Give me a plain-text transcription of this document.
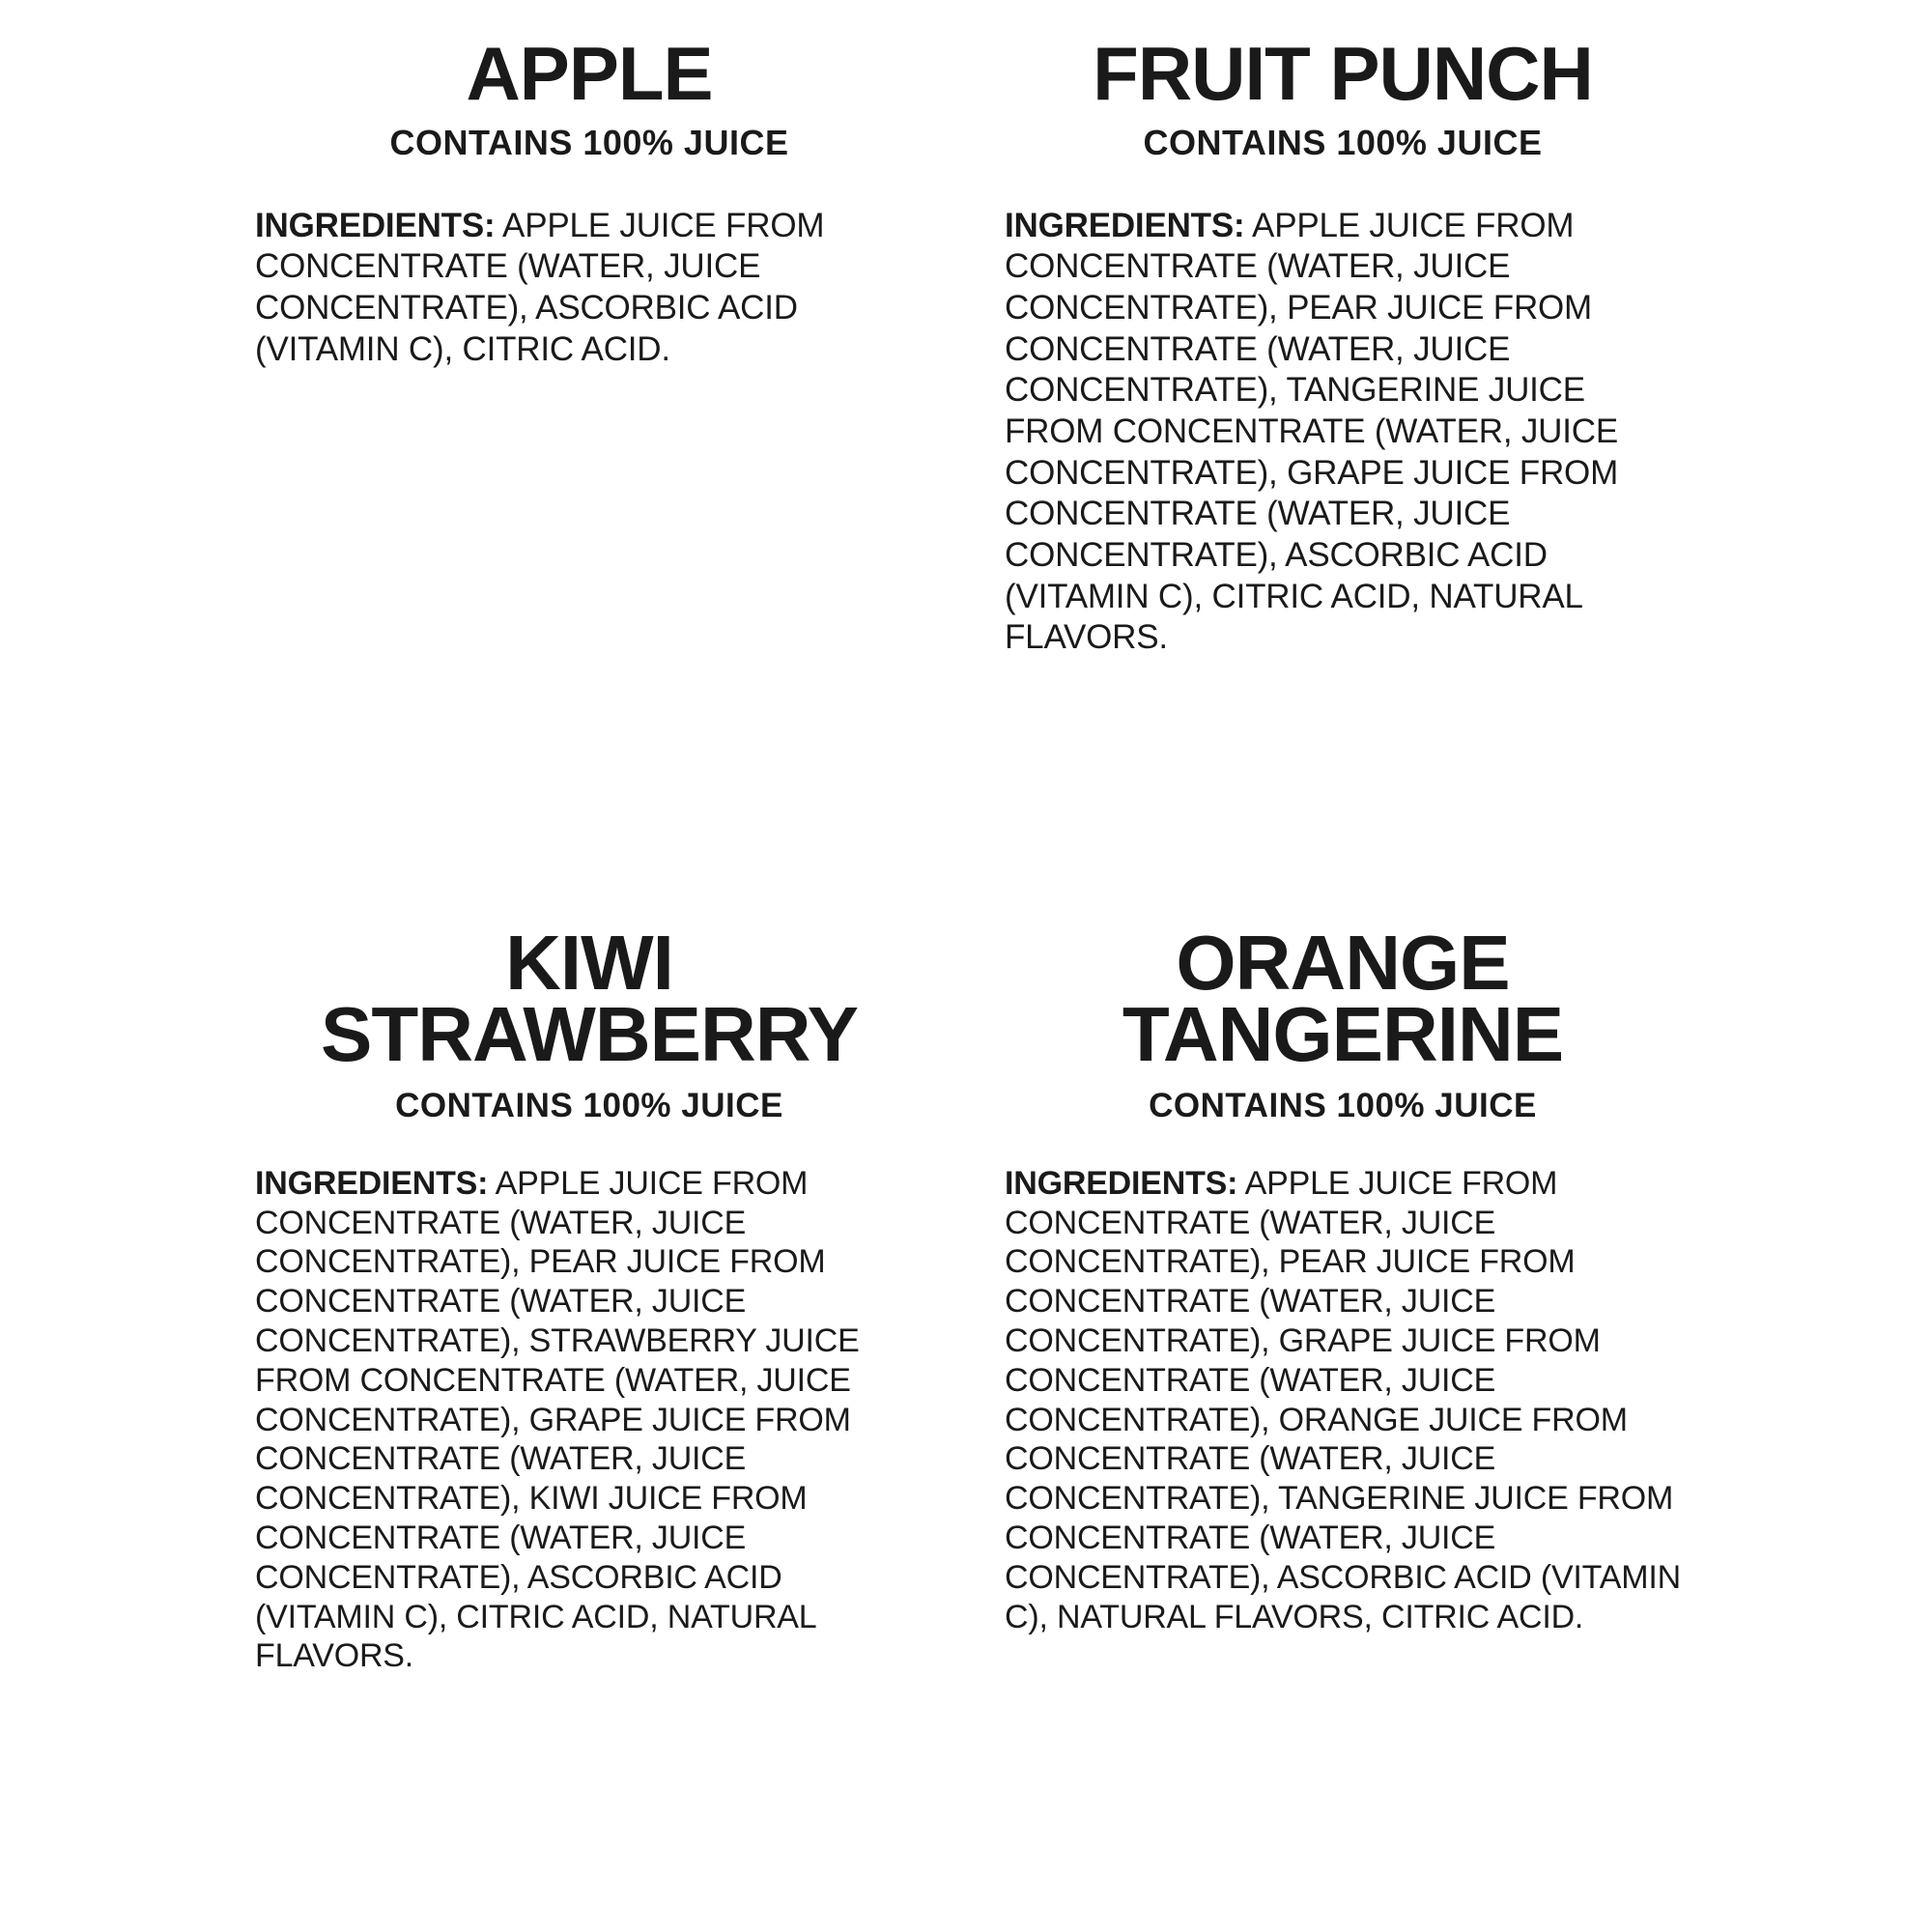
APPLE
CONTAINS 100% JUICE

INGREDIENTS: APPLE JUICE FROM CONCENTRATE (WATER, JUICE CONCENTRATE), ASCORBIC ACID (VITAMIN C), CITRIC ACID.

FRUIT PUNCH
CONTAINS 100% JUICE

INGREDIENTS: APPLE JUICE FROM CONCENTRATE (WATER, JUICE CONCENTRATE), PEAR JUICE FROM CONCENTRATE (WATER, JUICE CONCENTRATE), TANGERINE JUICE FROM CONCENTRATE (WATER, JUICE CONCENTRATE), GRAPE JUICE FROM CONCENTRATE (WATER, JUICE CONCENTRATE), ASCORBIC ACID (VITAMIN C), CITRIC ACID, NATURAL FLAVORS.

KIWI STRAWBERRY
CONTAINS 100% JUICE

INGREDIENTS: APPLE JUICE FROM CONCENTRATE (WATER, JUICE CONCENTRATE), PEAR JUICE FROM CONCENTRATE (WATER, JUICE CONCENTRATE), STRAWBERRY JUICE FROM CONCENTRATE (WATER, JUICE CONCENTRATE), GRAPE JUICE FROM CONCENTRATE (WATER, JUICE CONCENTRATE), KIWI JUICE FROM CONCENTRATE (WATER, JUICE CONCENTRATE), ASCORBIC ACID (VITAMIN C), CITRIC ACID, NATURAL FLAVORS.

ORANGE TANGERINE
CONTAINS 100% JUICE

INGREDIENTS: APPLE JUICE FROM CONCENTRATE (WATER, JUICE CONCENTRATE), PEAR JUICE FROM CONCENTRATE (WATER, JUICE CONCENTRATE), GRAPE JUICE FROM CONCENTRATE (WATER, JUICE CONCENTRATE), ORANGE JUICE FROM CONCENTRATE (WATER, JUICE CONCENTRATE), TANGERINE JUICE FROM CONCENTRATE (WATER, JUICE CONCENTRATE), ASCORBIC ACID (VITAMIN C), NATURAL FLAVORS, CITRIC ACID.
